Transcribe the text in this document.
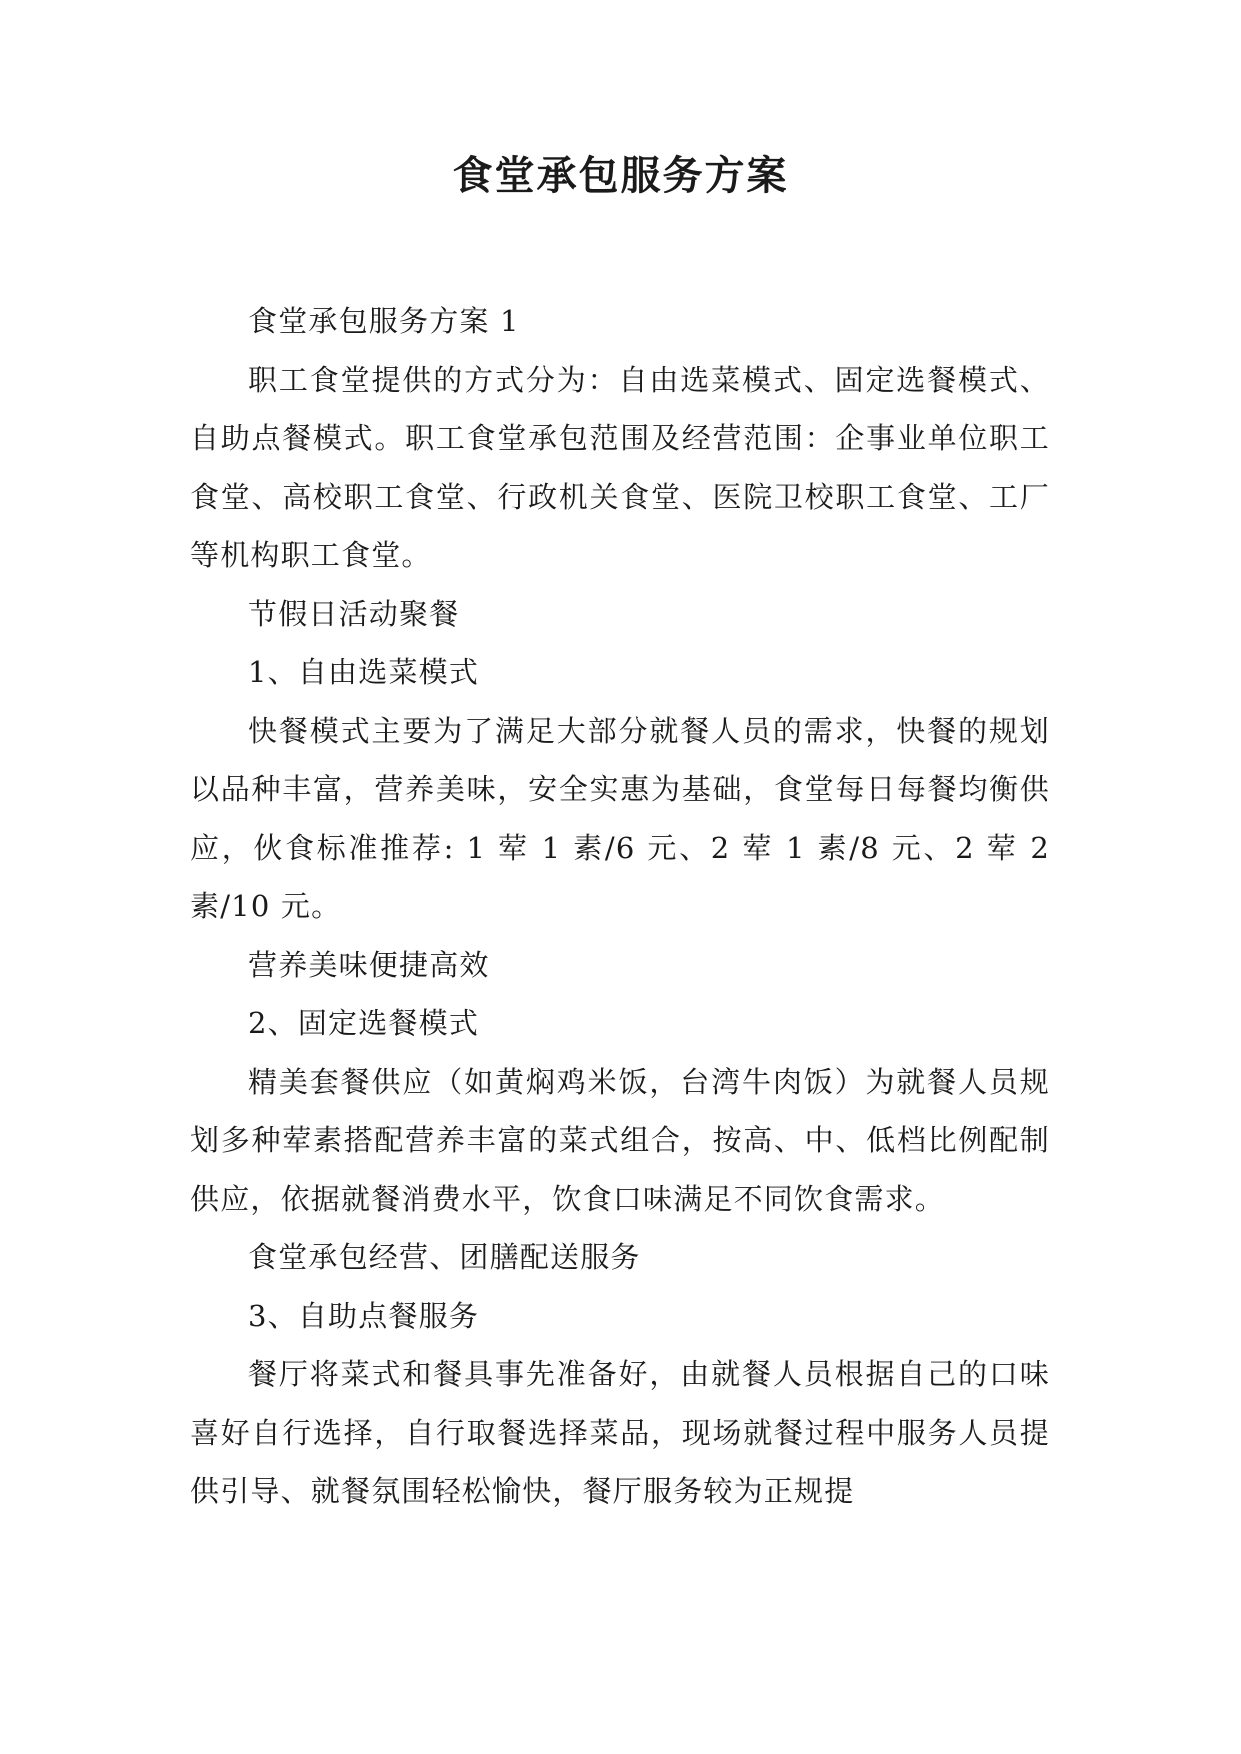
食堂承包服务方案

食堂承包服务方案 1

职工食堂提供的方式分为：自由选菜模式、固定选餐模式、自助点餐模式。职工食堂承包范围及经营范围：企事业单位职工食堂、高校职工食堂、行政机关食堂、医院卫校职工食堂、工厂等机构职工食堂。

节假日活动聚餐

1、自由选菜模式

快餐模式主要为了满足大部分就餐人员的需求，快餐的规划以品种丰富，营养美味，安全实惠为基础，食堂每日每餐均衡供应，伙食标准推荐: 1 荤 1 素/6 元、2 荤 1 素/8 元、2 荤 2 素/10 元。

营养美味便捷高效

2、固定选餐模式

精美套餐供应（如黄焖鸡米饭，台湾牛肉饭）为就餐人员规划多种荤素搭配营养丰富的菜式组合，按高、中、低档比例配制供应，依据就餐消费水平，饮食口味满足不同饮食需求。

食堂承包经营、团膳配送服务

3、自助点餐服务

餐厅将菜式和餐具事先准备好，由就餐人员根据自己的口味喜好自行选择，自行取餐选择菜品，现场就餐过程中服务人员提供引导、就餐氛围轻松愉快，餐厅服务较为正规提
